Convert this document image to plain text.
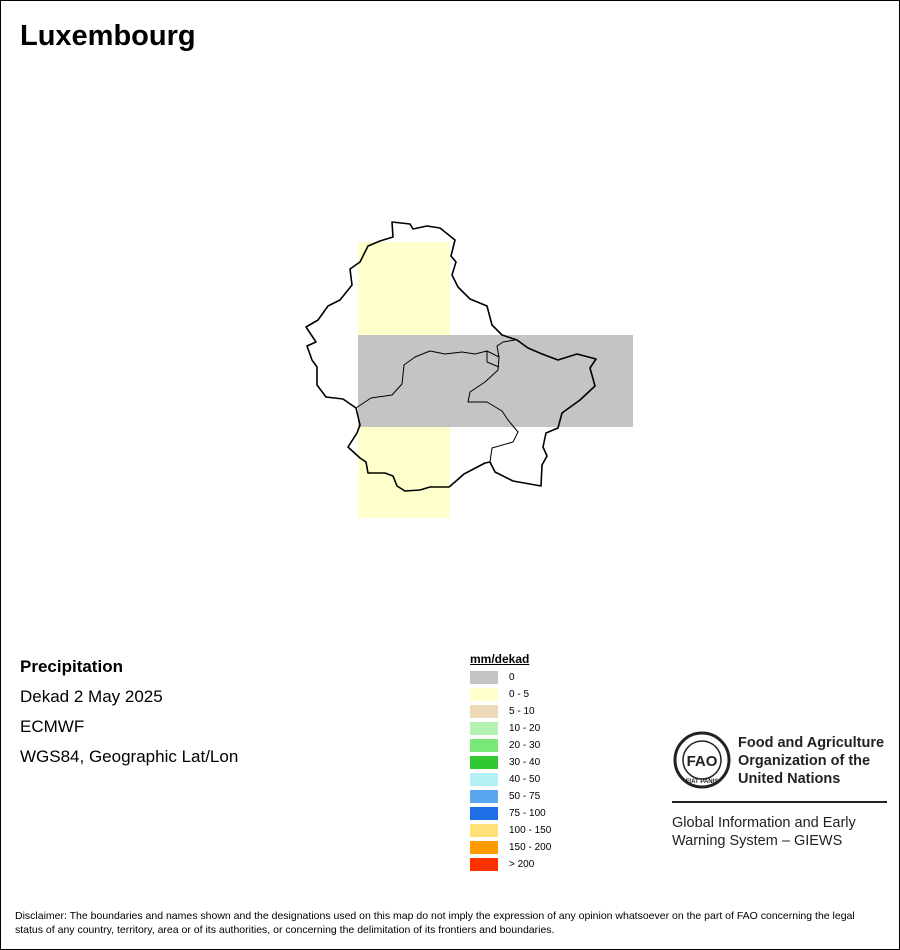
Luxembourg
Precipitation
Dekad 2 May 2025
ECMWF
WGS84, Geographic Lat/Lon
mm/dekad
0
0 - 5
5 - 10
10 - 20
20 - 30
30 - 40
40 - 50
50 - 75
75 - 100
100 - 150
150 - 200
> 200
FAO
FIAT PANIS
Food and Agriculture Organization of the United Nations
Global Information and Early Warning System – GIEWS
Disclaimer: The boundaries and names shown and the designations used on this map do not imply the expression of any opinion whatsoever on the part of FAO concerning the legal status of any country, territory, area or of its authorities, or concerning the delimitation of its frontiers and boundaries.
